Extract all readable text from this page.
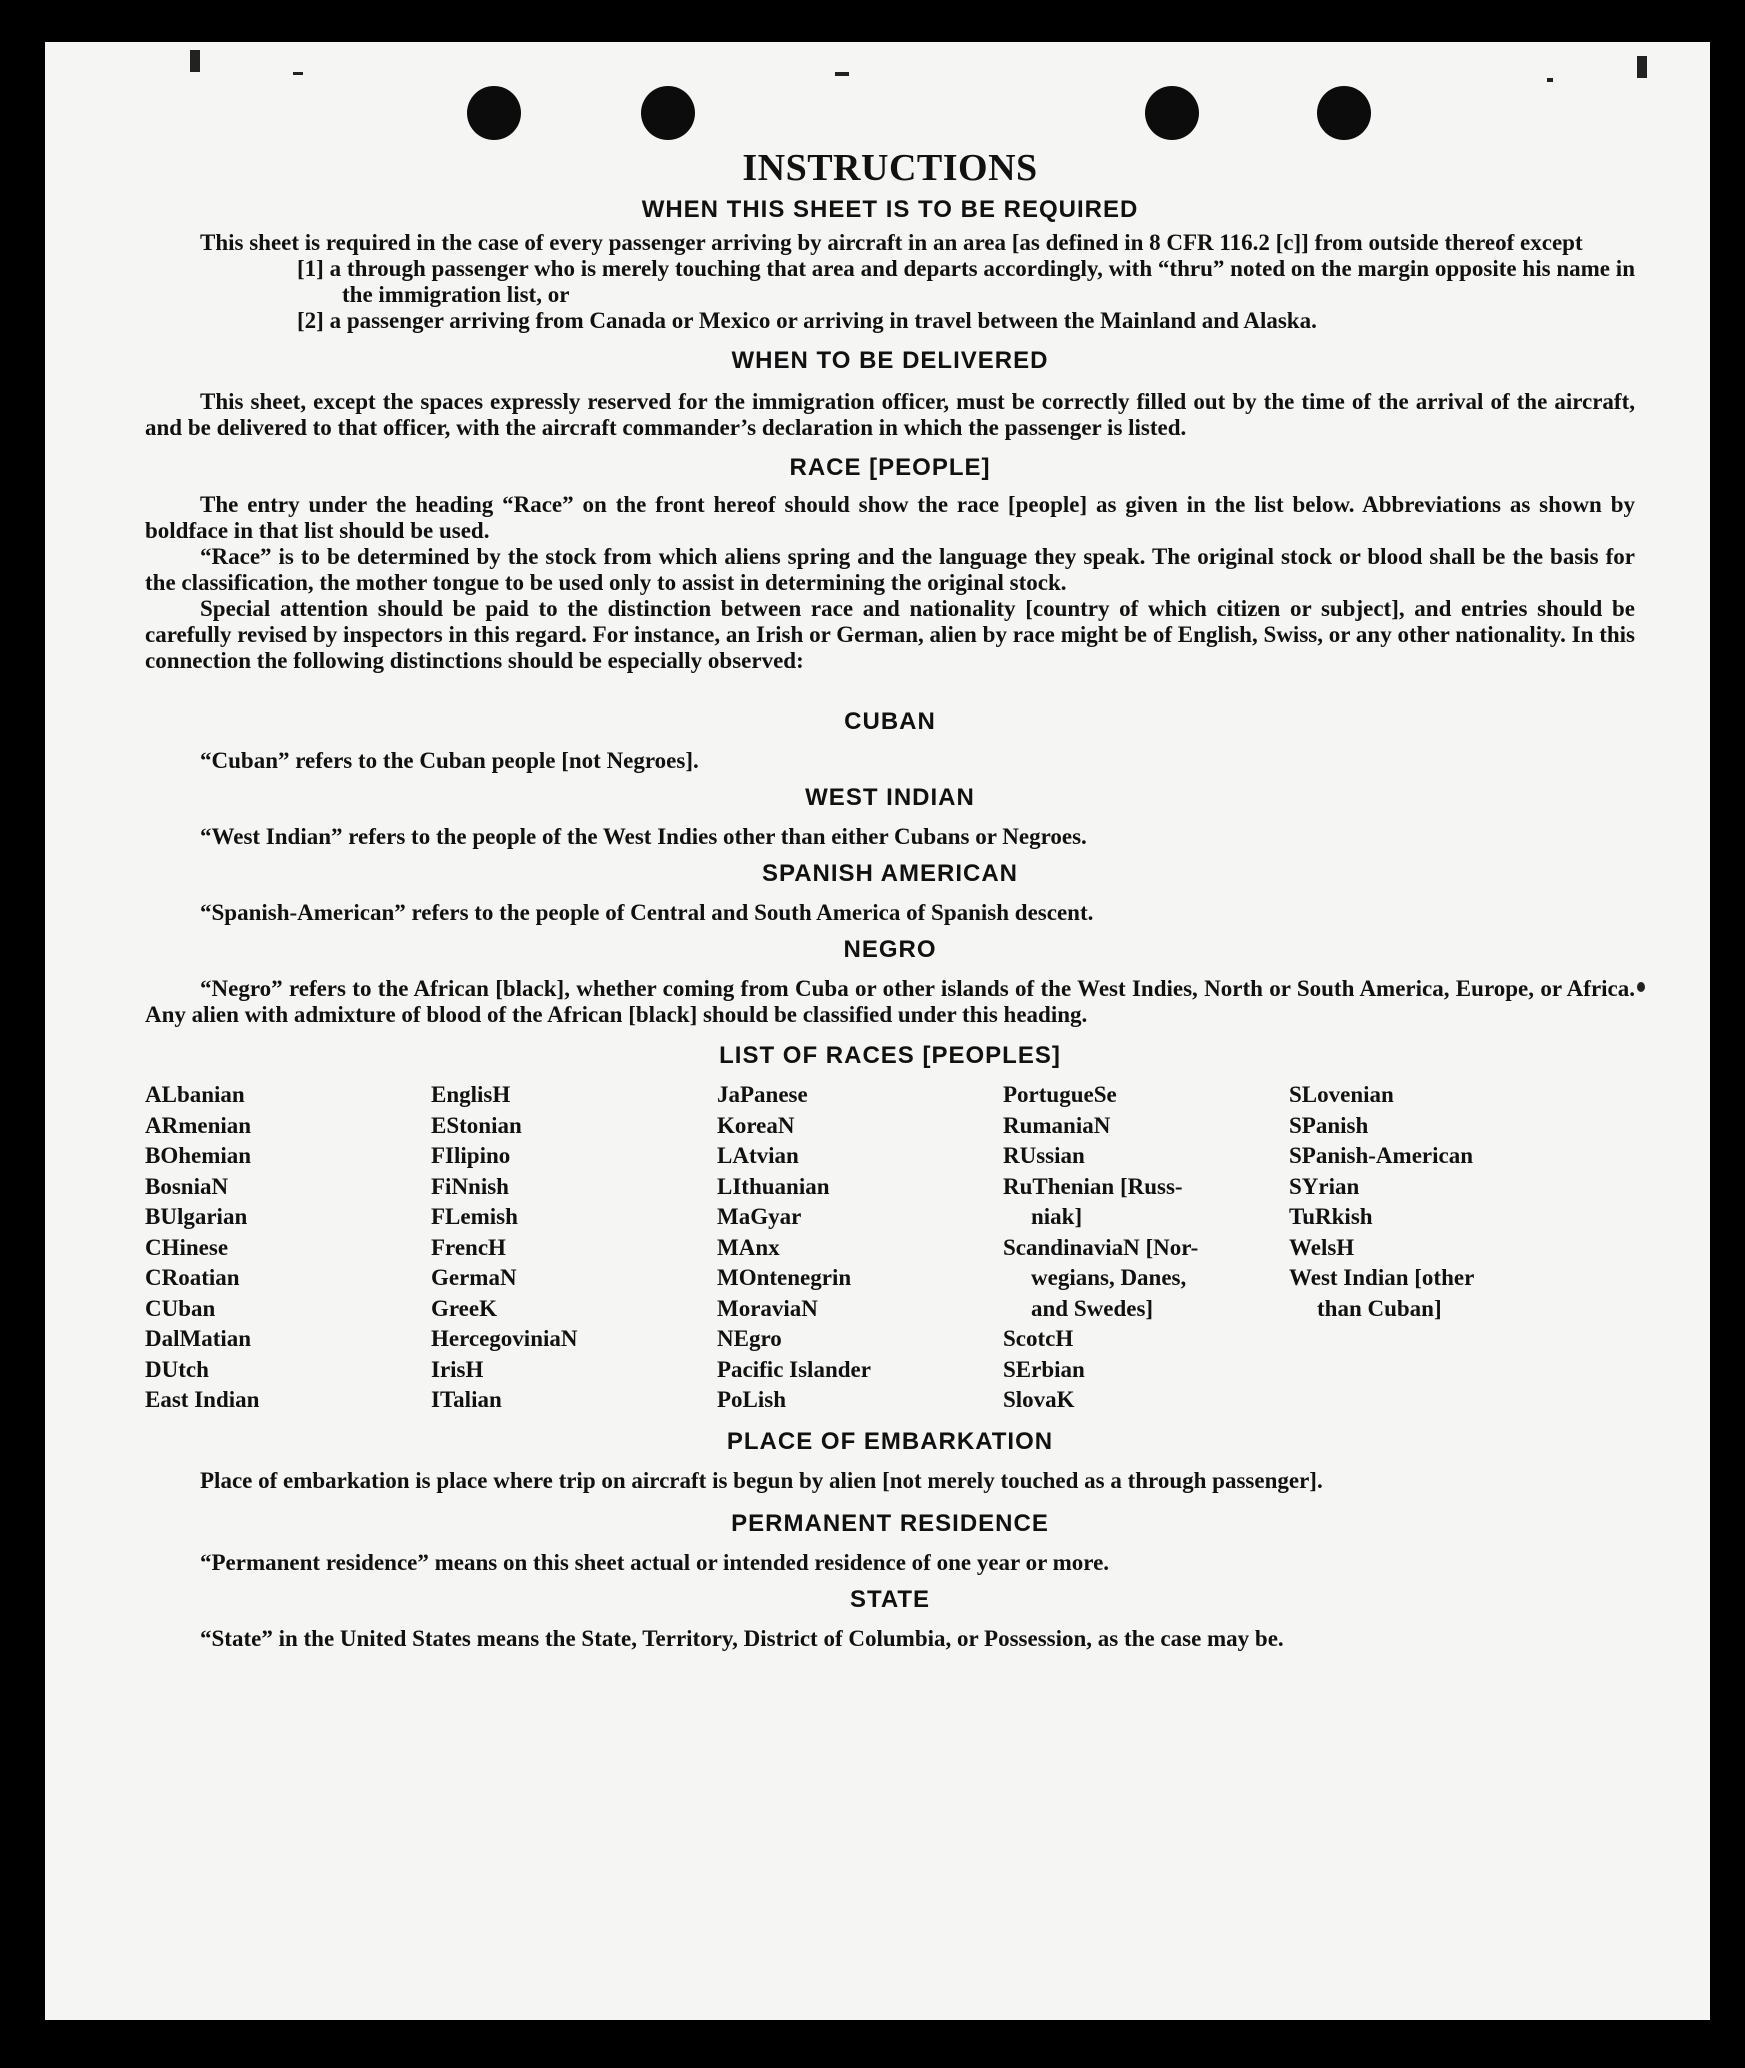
INSTRUCTIONS
WHEN THIS SHEET IS TO BE REQUIRED

This sheet is required in the case of every passenger arriving by aircraft in an area [as defined in 8 CFR 116.2 [c]] from outside thereof except

[1] a through passenger who is merely touching that area and departs accordingly, with “thru” noted on the margin opposite his name in the immigration list, or

[2] a passenger arriving from Canada or Mexico or arriving in travel between the Mainland and Alaska.

WHEN TO BE DELIVERED

This sheet, except the spaces expressly reserved for the immigration officer, must be correctly filled out by the time of the arrival of the aircraft, and be delivered to that officer, with the aircraft commander’s declaration in which the passenger is listed.

RACE [PEOPLE]

The entry under the heading “Race” on the front hereof should show the race [people] as given in the list below. Abbreviations as shown by boldface in that list should be used.

“Race” is to be determined by the stock from which aliens spring and the language they speak. The original stock or blood shall be the basis for the classification, the mother tongue to be used only to assist in determining the original stock.

Special attention should be paid to the distinction between race and nationality [country of which citizen or subject], and entries should be carefully revised by inspectors in this regard. For instance, an Irish or German, alien by race might be of English, Swiss, or any other nationality. In this connection the following distinctions should be especially observed:

CUBAN

“Cuban” refers to the Cuban people [not Negroes].

WEST INDIAN

“West Indian” refers to the people of the West Indies other than either Cubans or Negroes.

SPANISH AMERICAN

“Spanish-American” refers to the people of Central and South America of Spanish descent.

NEGRO

“Negro” refers to the African [black], whether coming from Cuba or other islands of the West Indies, North or South America, Europe, or Africa. Any alien with admixture of blood of the African [black] should be classified under this heading.

LIST OF RACES [PEOPLES]

ALbanian

ARmenian

BOhemian

BosniaN

BUlgarian

CHinese

CRoatian

CUban

DalMatian

DUtch

East Indian

EnglisH

EStonian

FIlipino

FiNnish

FLemish

FrencH

GermaN

GreeK

HercegoviniaN

IrisH

ITalian

JaPanese

KoreaN

LAtvian

LIthuanian

MaGyar

MAnx

MOntenegrin

MoraviaN

NEgro

Pacific Islander

PoLish

PortugueSe

RumaniaN

RUssian

RuThenian [Russ-

niak]

ScandinaviaN [Nor-

wegians, Danes,

and Swedes]

ScotcH

SErbian

SlovaK

SLovenian

SPanish

SPanish-American

SYrian

TuRkish

WelsH

West Indian [other

than Cuban]

PLACE OF EMBARKATION

Place of embarkation is place where trip on aircraft is begun by alien [not merely touched as a through passenger].

PERMANENT RESIDENCE

“Permanent residence” means on this sheet actual or intended residence of one year or more.

STATE

“State” in the United States means the State, Territory, District of Columbia, or Possession, as the case may be.
